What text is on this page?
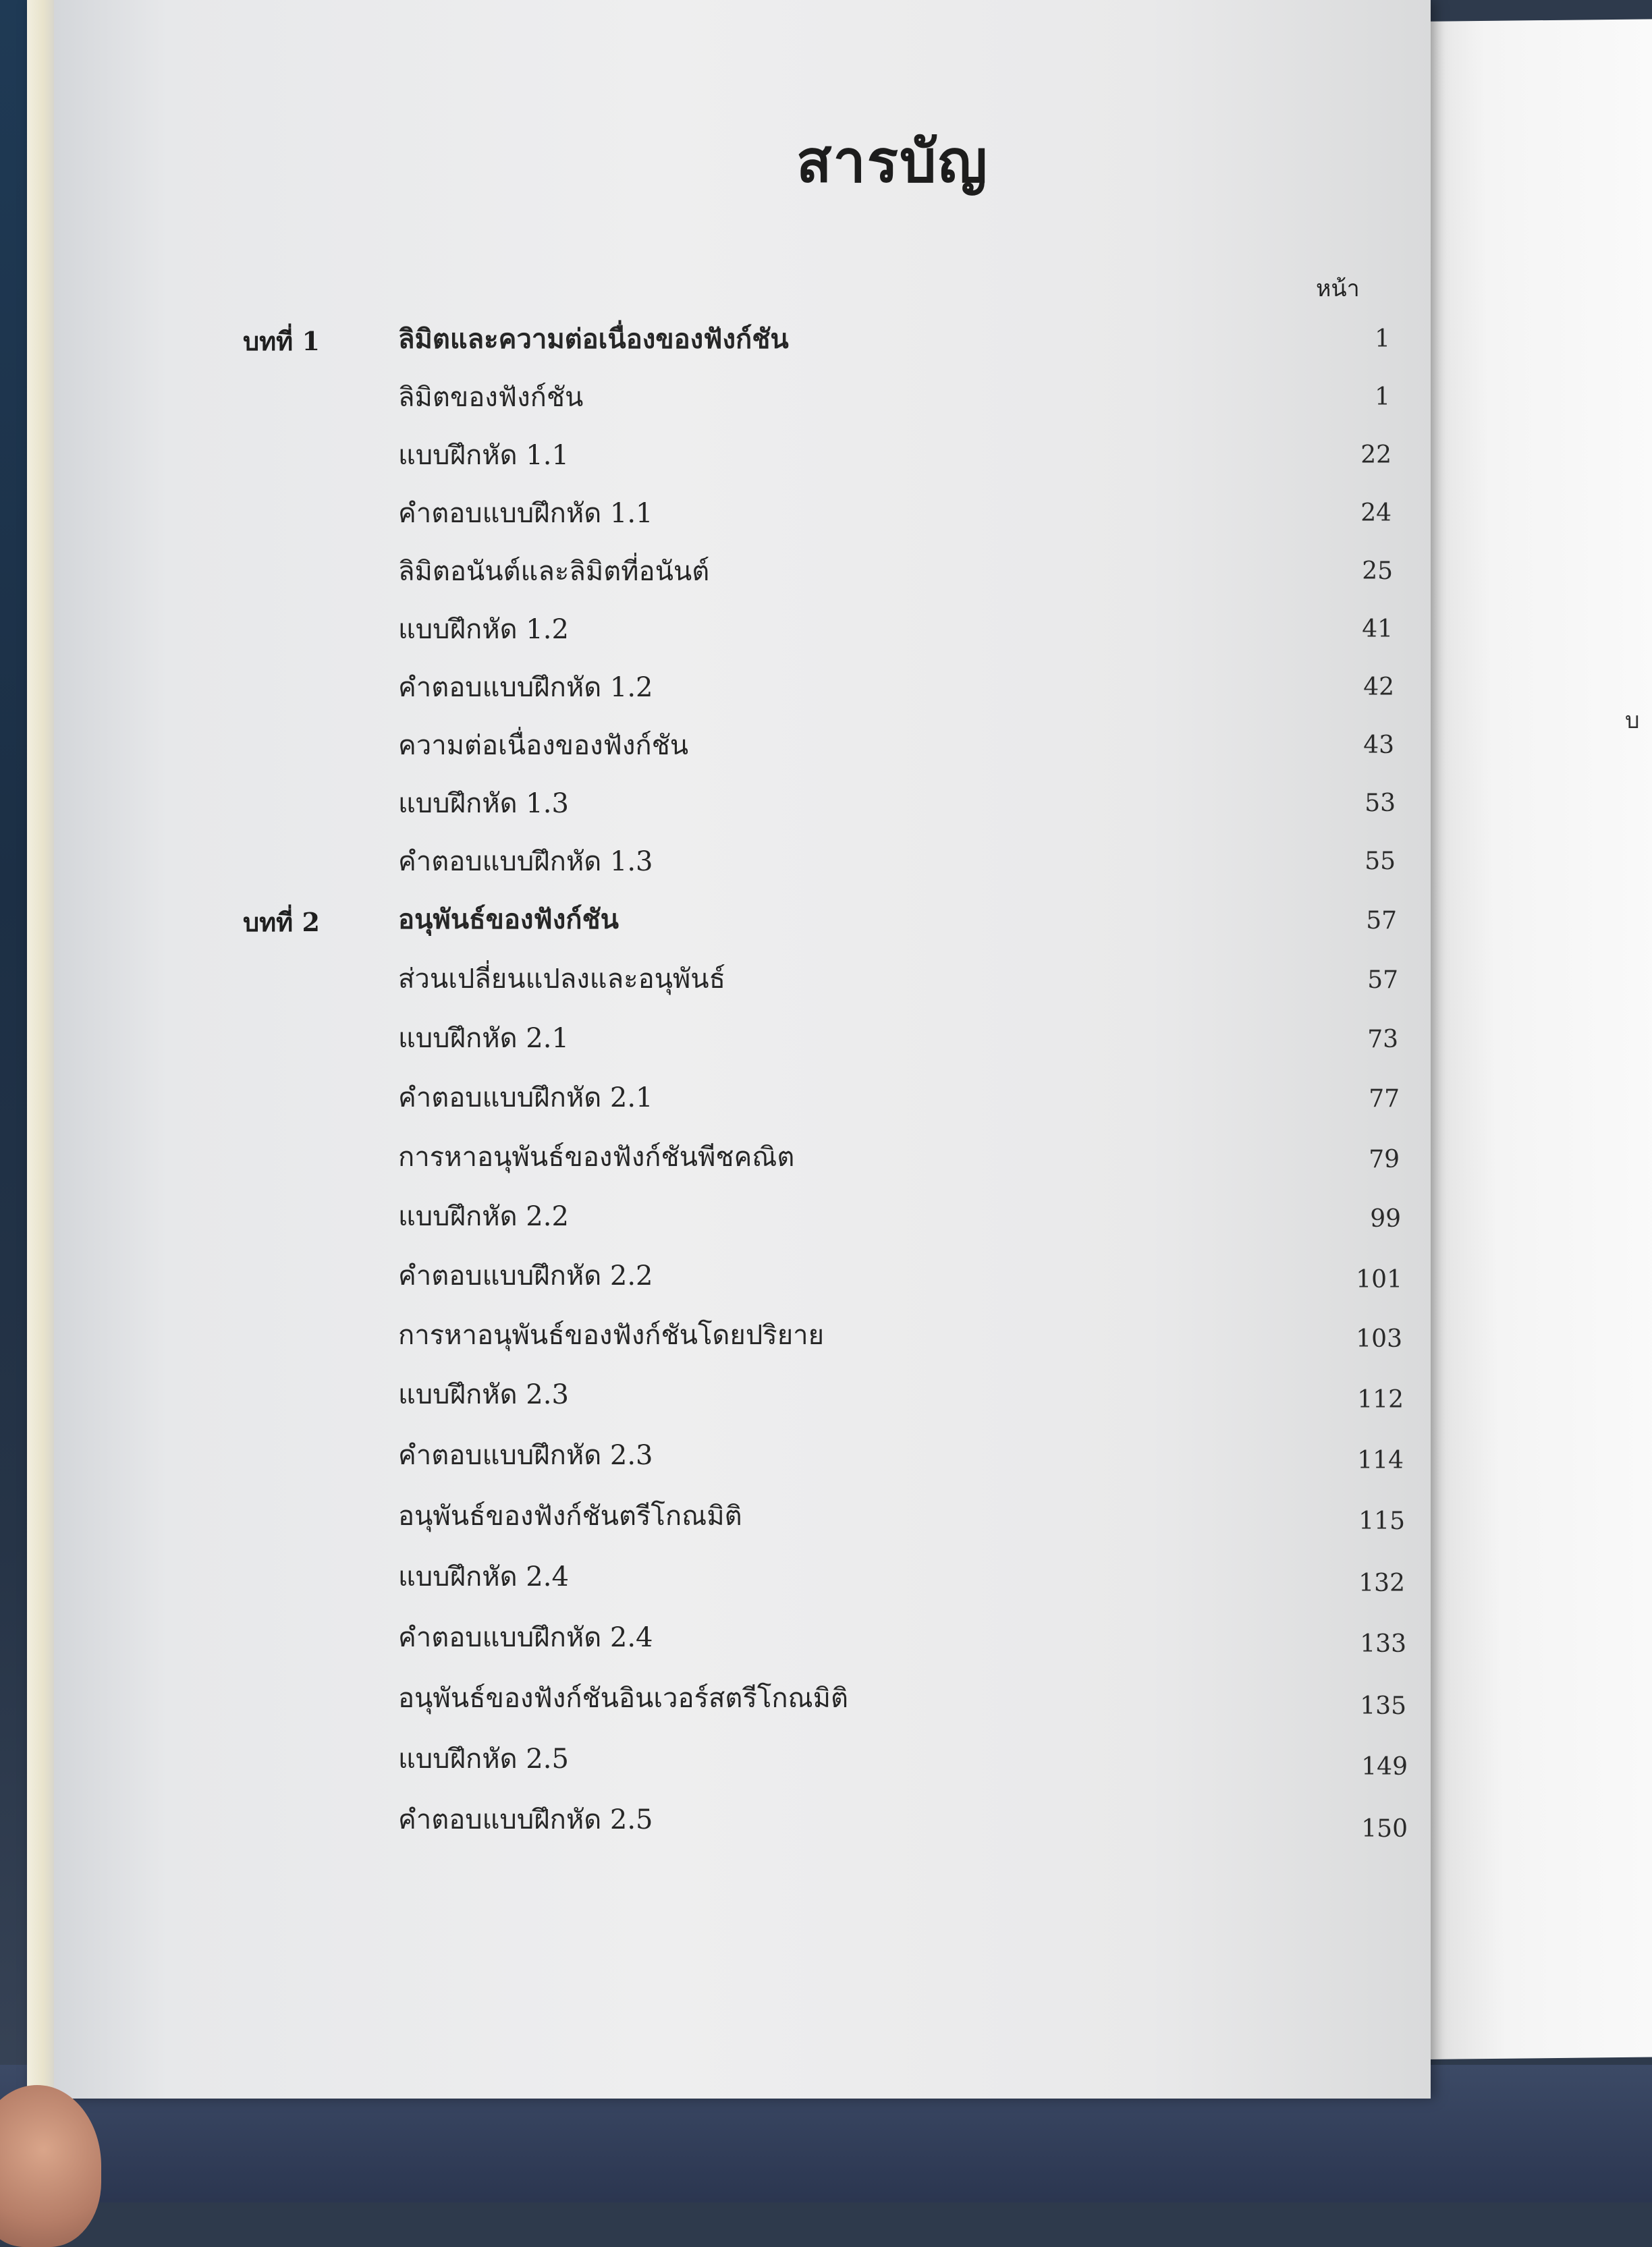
บ
สารบัญ
หน้า
บทที่ 1	ลิมิตและความต่อเนื่องของฟังก์ชัน	1
ลิมิตของฟังก์ชัน	1
แบบฝึกหัด 1.1	22
คำตอบแบบฝึกหัด 1.1	24
ลิมิตอนันต์และลิมิตที่อนันต์	25
แบบฝึกหัด 1.2	41
คำตอบแบบฝึกหัด 1.2	42
ความต่อเนื่องของฟังก์ชัน	43
แบบฝึกหัด 1.3	53
คำตอบแบบฝึกหัด 1.3	55
บทที่ 2	อนุพันธ์ของฟังก์ชัน	57
ส่วนเปลี่ยนแปลงและอนุพันธ์	57
แบบฝึกหัด 2.1	73
คำตอบแบบฝึกหัด 2.1	77
การหาอนุพันธ์ของฟังก์ชันพีชคณิต	79
แบบฝึกหัด 2.2	99
คำตอบแบบฝึกหัด 2.2	101
การหาอนุพันธ์ของฟังก์ชันโดยปริยาย	103
แบบฝึกหัด 2.3	112
คำตอบแบบฝึกหัด 2.3	114
อนุพันธ์ของฟังก์ชันตรีโกณมิติ	115
แบบฝึกหัด 2.4	132
คำตอบแบบฝึกหัด 2.4	133
อนุพันธ์ของฟังก์ชันอินเวอร์สตรีโกณมิติ	135
แบบฝึกหัด 2.5	149
คำตอบแบบฝึกหัด 2.5	150
